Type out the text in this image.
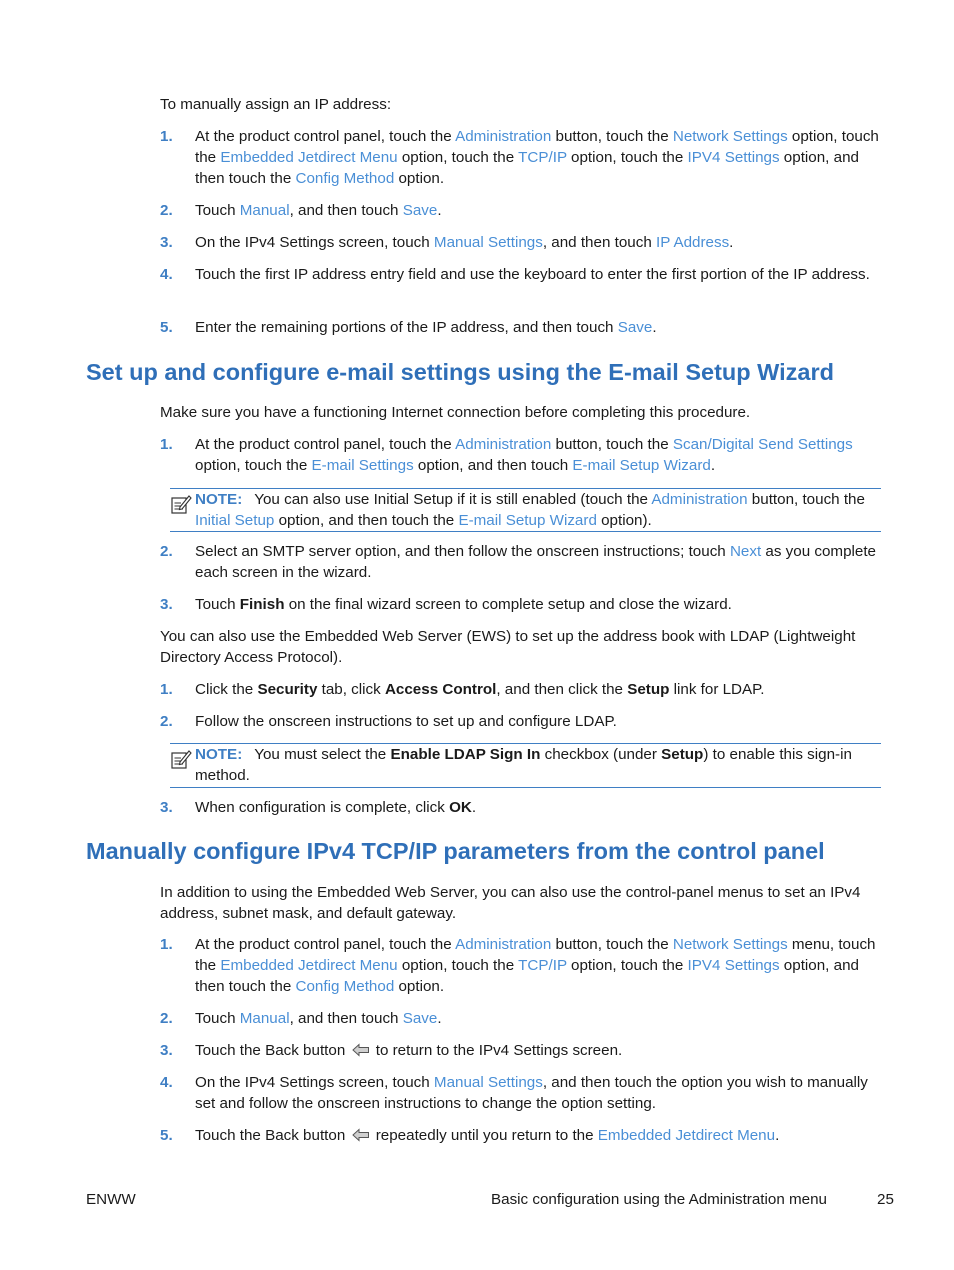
To manually assign an IP address:

1.	At the product control panel, touch the Administration button, touch the Network Settings option, touch the Embedded Jetdirect Menu option, touch the TCP/IP option, touch the IPV4 Settings option, and then touch the Config Method option.
2.	Touch Manual, and then touch Save.
3.	On the IPv4 Settings screen, touch Manual Settings, and then touch IP Address.
4.	Touch the first IP address entry field and use the keyboard to enter the first portion of the IP address.
5.	Enter the remaining portions of the IP address, and then touch Save.
Set up and configure e-mail settings using the E-mail Setup Wizard

Make sure you have a functioning Internet connection before completing this procedure.

1.	At the product control panel, touch the Administration button, touch the Scan/Digital Send Settings option, touch the E-mail Settings option, and then touch E-mail Setup Wizard.
NOTE: You can also use Initial Setup if it is still enabled (touch the Administration button, touch the Initial Setup option, and then touch the E-mail Setup Wizard option).
2.	Select an SMTP server option, and then follow the onscreen instructions; touch Next as you complete each screen in the wizard.
3.	Touch Finish on the final wizard screen to complete setup and close the wizard.

You can also use the Embedded Web Server (EWS) to set up the address book with LDAP (Lightweight Directory Access Protocol).

1.	Click the Security tab, click Access Control, and then click the Setup link for LDAP.
2.	Follow the onscreen instructions to set up and configure LDAP.
NOTE: You must select the Enable LDAP Sign In checkbox (under Setup) to enable this sign-in method.
3.	When configuration is complete, click OK.
Manually configure IPv4 TCP/IP parameters from the control panel

In addition to using the Embedded Web Server, you can also use the control-panel menus to set an IPv4 address, subnet mask, and default gateway.

1.	At the product control panel, touch the Administration button, touch the Network Settings menu, touch the Embedded Jetdirect Menu option, touch the TCP/IP option, touch the IPV4 Settings option, and then touch the Config Method option.
2.	Touch Manual, and then touch Save.
3.	Touch the Back button  to return to the IPv4 Settings screen.
4.	On the IPv4 Settings screen, touch Manual Settings, and then touch the option you wish to manually set and follow the onscreen instructions to change the option setting.
5.	Touch the Back button  repeatedly until you return to the Embedded Jetdirect Menu.
ENWW	Basic configuration using the Administration menu	25
